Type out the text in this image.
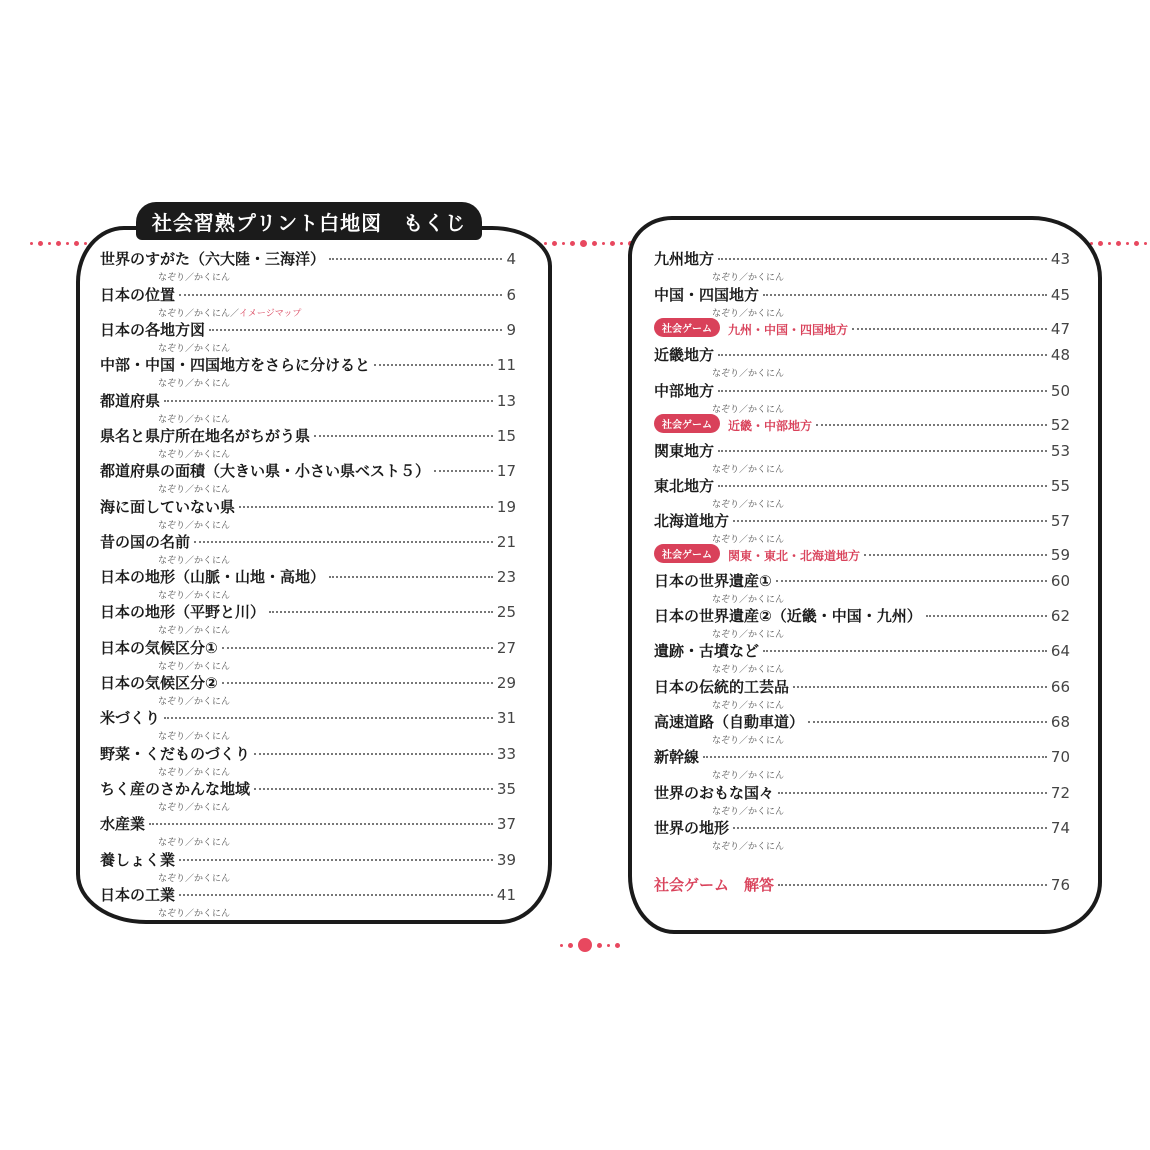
社会習熟プリント白地図　もくじ
世界のすがた（六大陸・三海洋）	4
なぞり／かくにん
日本の位置	6
なぞり／かくにん／イメージマップ
日本の各地方図	9
なぞり／かくにん
中部・中国・四国地方をさらに分けると	11
なぞり／かくにん
都道府県	13
なぞり／かくにん
県名と県庁所在地名がちがう県	15
なぞり／かくにん
都道府県の面積（大きい県・小さい県ベスト５）	17
なぞり／かくにん
海に面していない県	19
なぞり／かくにん
昔の国の名前	21
なぞり／かくにん
日本の地形（山脈・山地・高地）	23
なぞり／かくにん
日本の地形（平野と川）	25
なぞり／かくにん
日本の気候区分①	27
なぞり／かくにん
日本の気候区分②	29
なぞり／かくにん
米づくり	31
なぞり／かくにん
野菜・くだものづくり	33
なぞり／かくにん
ちく産のさかんな地域	35
なぞり／かくにん
水産業	37
なぞり／かくにん
養しょく業	39
なぞり／かくにん
日本の工業	41
なぞり／かくにん
九州地方	43
なぞり／かくにん
中国・四国地方	45
なぞり／かくにん
社会ゲーム	九州・中国・四国地方	47
近畿地方	48
なぞり／かくにん
中部地方	50
なぞり／かくにん
社会ゲーム	近畿・中部地方	52
関東地方	53
なぞり／かくにん
東北地方	55
なぞり／かくにん
北海道地方	57
なぞり／かくにん
社会ゲーム	関東・東北・北海道地方	59
日本の世界遺産①	60
なぞり／かくにん
日本の世界遺産②（近畿・中国・九州）	62
なぞり／かくにん
遺跡・古墳など	64
なぞり／かくにん
日本の伝統的工芸品	66
なぞり／かくにん
高速道路（自動車道）	68
なぞり／かくにん
新幹線	70
なぞり／かくにん
世界のおもな国々	72
なぞり／かくにん
世界の地形	74
なぞり／かくにん
社会ゲーム　解答	76
